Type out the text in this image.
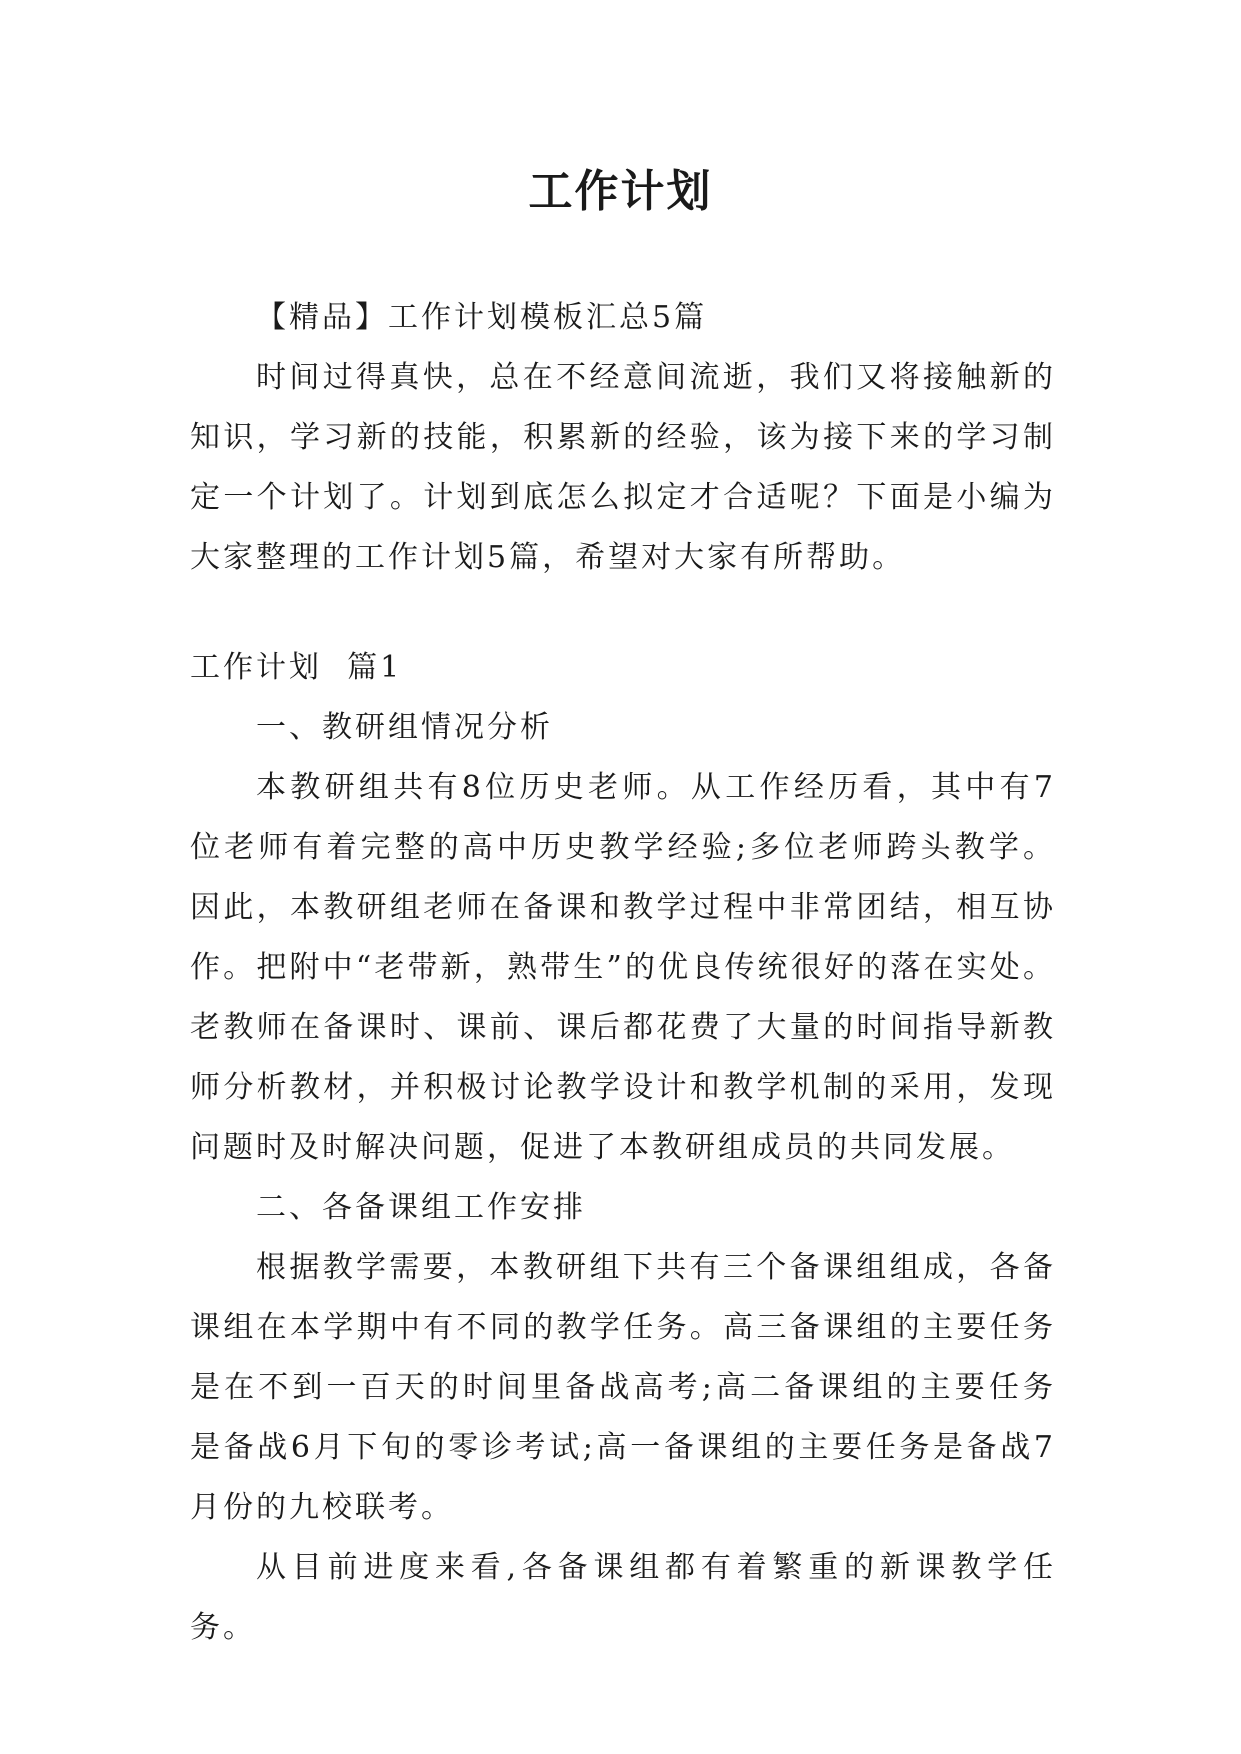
工作计划

【精品】工作计划模板汇总5篇

时间过得真快，总在不经意间流逝，我们又将接触新的知识，学习新的技能，积累新的经验，该为接下来的学习制定一个计划了。计划到底怎么拟定才合适呢？下面是小编为大家整理的工作计划5篇，希望对大家有所帮助。

工作计划  篇1

一、教研组情况分析

本教研组共有8位历史老师。从工作经历看，其中有7位老师有着完整的高中历史教学经验;多位老师跨头教学。因此，本教研组老师在备课和教学过程中非常团结，相互协作。把附中“老带新，熟带生”的优良传统很好的落在实处。老教师在备课时、课前、课后都花费了大量的时间指导新教师分析教材，并积极讨论教学设计和教学机制的采用，发现问题时及时解决问题，促进了本教研组成员的共同发展。

二、各备课组工作安排

根据教学需要，本教研组下共有三个备课组组成，各备课组在本学期中有不同的教学任务。高三备课组的主要任务是在不到一百天的时间里备战高考;高二备课组的主要任务是备战6月下旬的零诊考试;高一备课组的主要任务是备战7月份的九校联考。

从目前进度来看,各备课组都有着繁重的新课教学任务。
